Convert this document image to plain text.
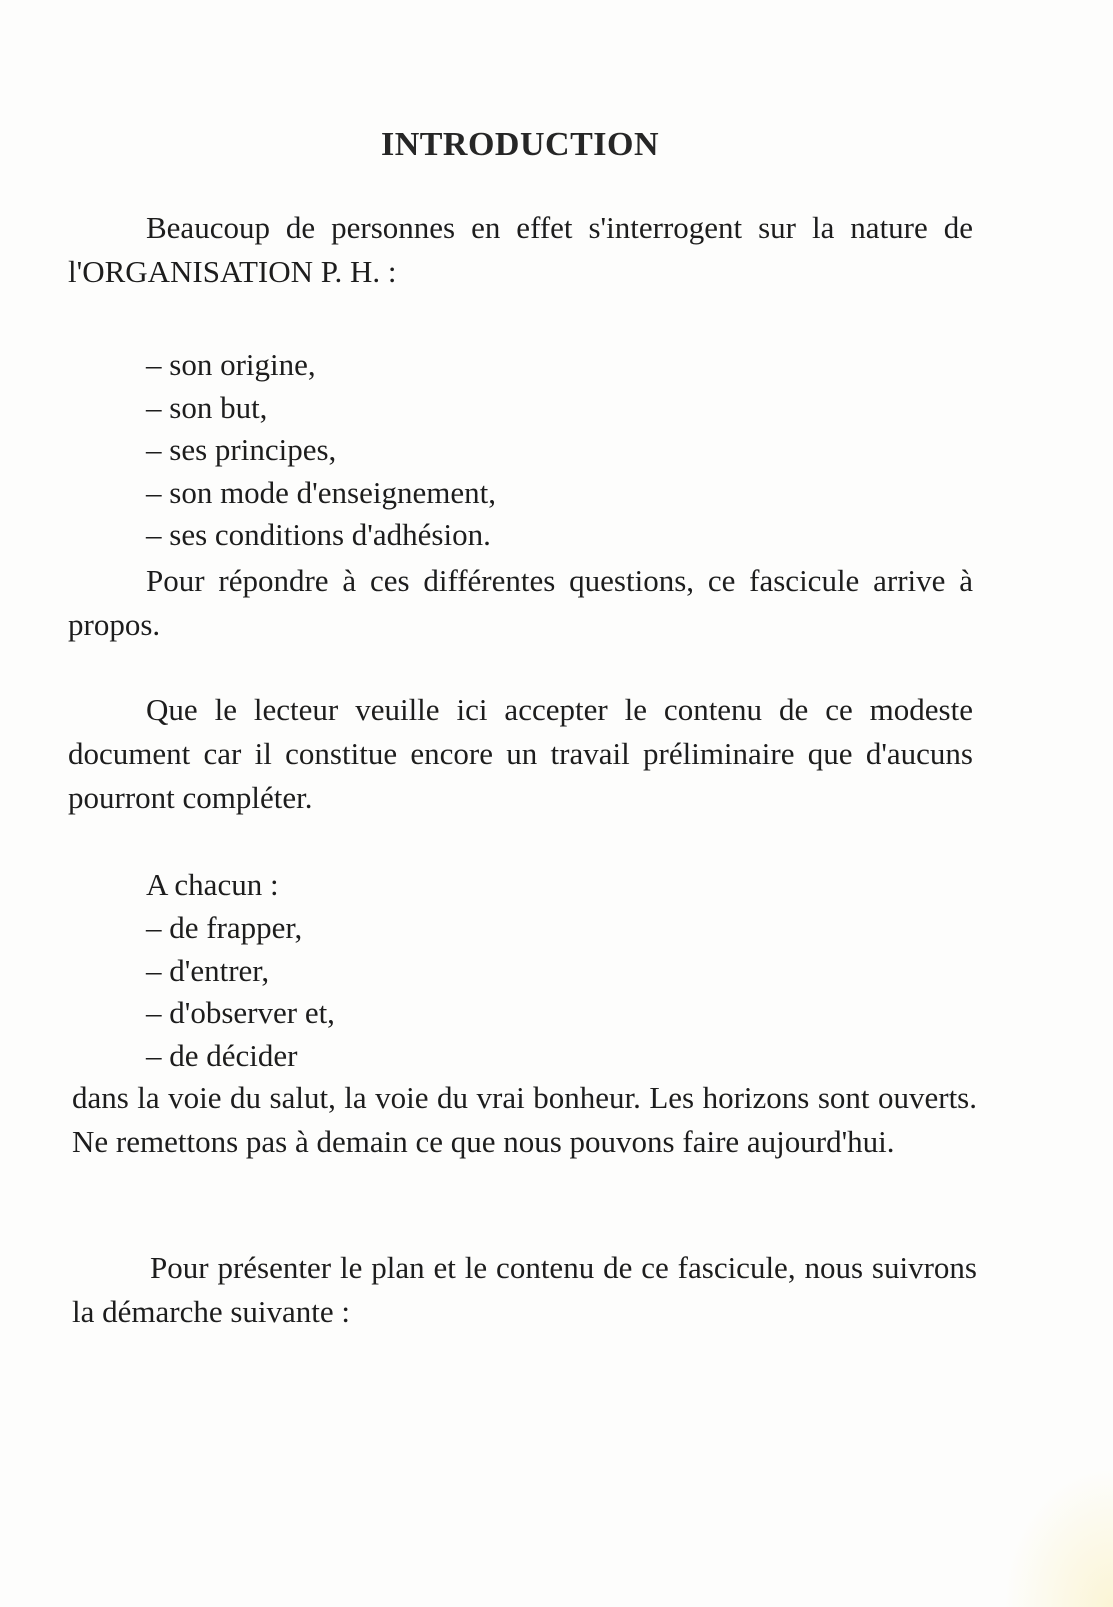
INTRODUCTION

Beaucoup de personnes en effet s'interrogent sur la nature de l'ORGANISATION P. H. :

– son origine,
– son but,
– ses principes,
– son mode d'enseignement,
– ses conditions d'adhésion.

Pour répondre à ces différentes questions, ce fascicule arrive à propos.

Que le lecteur veuille ici accepter le contenu de ce modeste document car il constitue encore un travail préliminaire que d'aucuns pourront compléter.

A chacun :
– de frapper,
– d'entrer,
– d'observer et,
– de décider

dans la voie du salut, la voie du vrai bonheur. Les horizons sont ouverts. Ne remettons pas à demain ce que nous pouvons faire aujourd'hui.

Pour présenter le plan et le contenu de ce fascicule, nous suivrons la démarche suivante :
